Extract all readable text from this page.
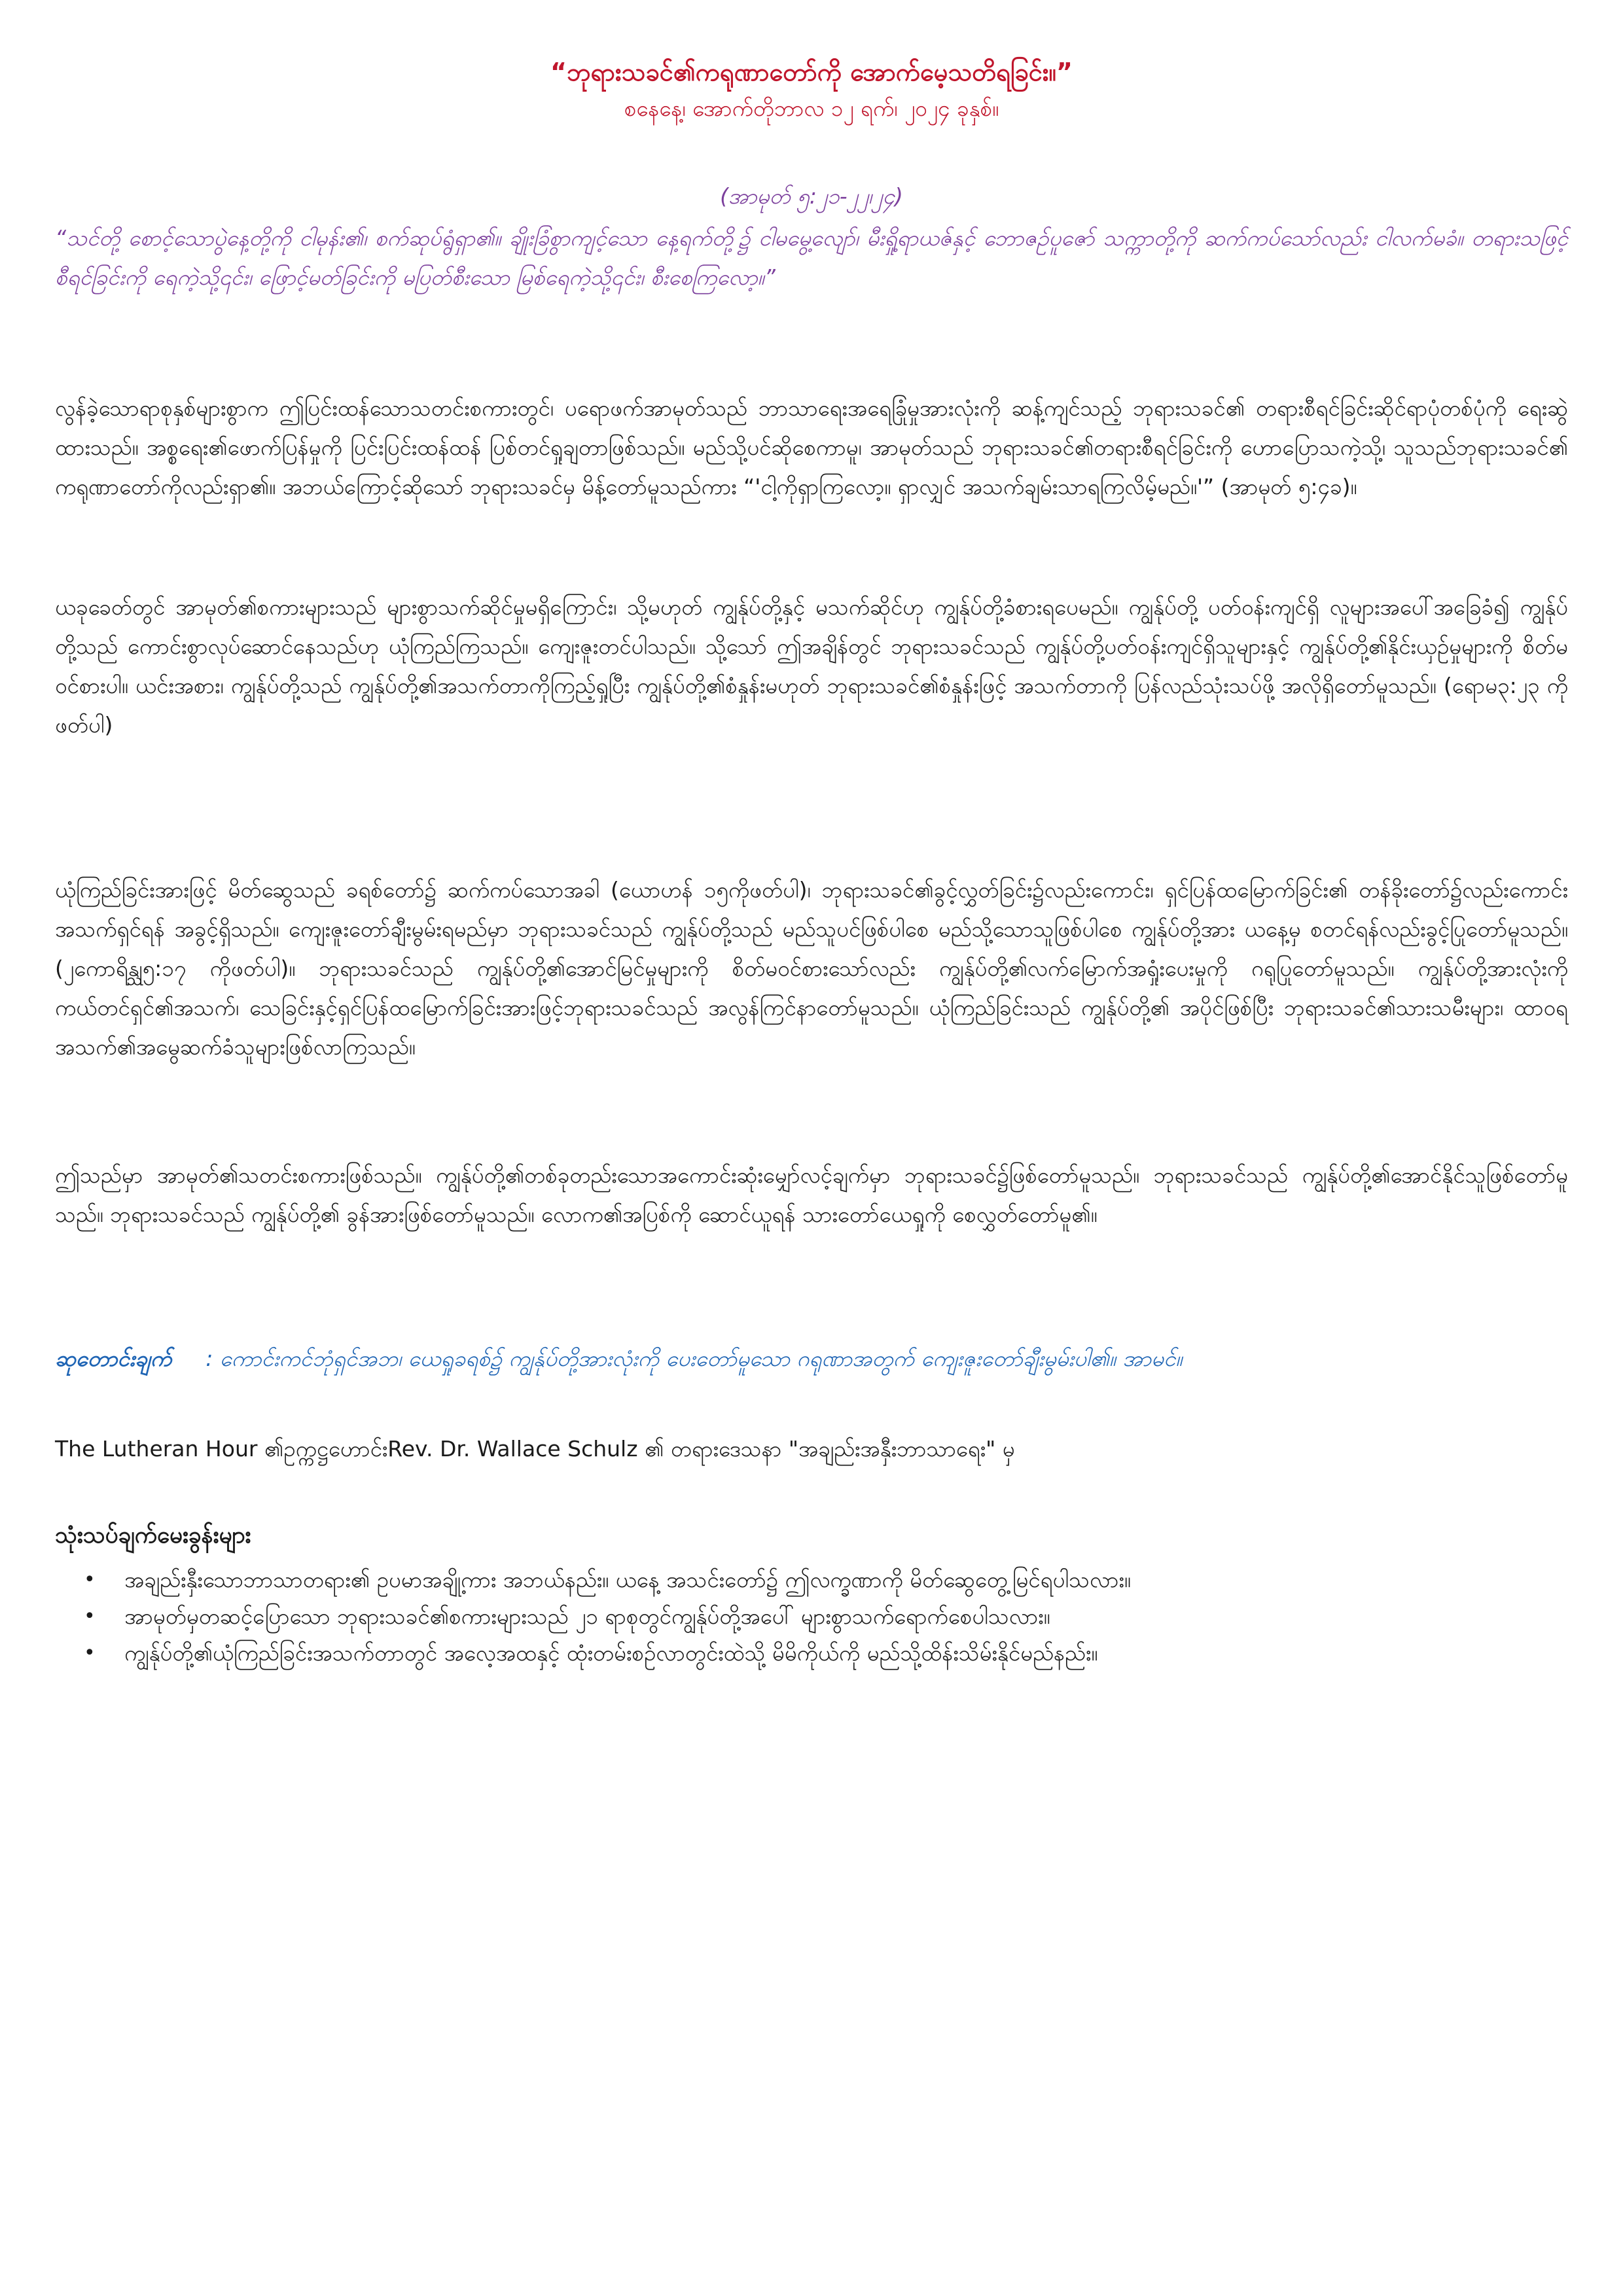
“ဘုရားသခင်၏ကရုဏာတော်ကို အောက်မေ့သတိရခြင်း။”
စနေနေ့၊ အောက်တိုဘာလ ၁၂ ရက်၊ ၂၀၂၄ ခုနှစ်။
(အာမုတ် ၅:၂၁-၂၂၊၂၄)
“သင်တို့ စောင့်သောပွဲနေ့တို့ကို ငါမုန်း၏၊ စက်ဆုပ်ရွံရှာ၏။ ချိုးခြံစွာကျင့်သော နေ့ရက်တို့၌ ငါမမွေ့လျော်၊ မီးရှို့ရာယဇ်နှင့် ဘောဇဉ်ပူဇော် သက္ကာတို့ကို ဆက်ကပ်သော်လည်း ငါလက်မခံ။ တရားသဖြင့် စီရင်ခြင်းကို ရေကဲ့သို့၎င်း၊ ဖြောင့်မတ်ခြင်းကို မပြတ်စီးသော မြစ်ရေကဲ့သို့၎င်း၊ စီးစေကြလော့။”
လွန်ခဲ့သောရာစုနှစ်များစွာက ဤပြင်းထန်သောသတင်းစကားတွင်၊ ပရောဖက်အာမုတ်သည် ဘာသာရေးအရေခြုံမှုအားလုံးကို ဆန့်ကျင်သည့် ဘုရားသခင်၏ တရားစီရင်ခြင်းဆိုင်ရာပုံတစ်ပုံကို ရေးဆွဲထားသည်။ အစ္စရေး၏ဖောက်ပြန်မှုကို ပြင်းပြင်းထန်ထန် ပြစ်တင်ရှုချတာဖြစ်သည်။ မည်သို့ပင်ဆိုစေကာမူ၊ အာမုတ်သည် ဘုရားသခင်၏တရားစီရင်ခြင်းကို ဟောပြောသကဲ့သို့၊ သူသည်ဘုရားသခင်၏ ကရုဏာတော်ကိုလည်းရှာ၏။ အဘယ်ကြောင့်ဆိုသော် ဘုရားသခင်မှ မိန့်တော်မူသည်ကား “'ငါ့ကိုရှာကြလော့။ ရှာလျှင် အသက်ချမ်းသာရကြလိမ့်မည်။'” (အာမုတ် ၅:၄ခ)။
ယခုခေတ်တွင် အာမုတ်၏စကားများသည် များစွာသက်ဆိုင်မှုမရှိကြောင်း၊ သို့မဟုတ် ကျွန်ုပ်တို့နှင့် မသက်ဆိုင်ဟု ကျွန်ုပ်တို့ခံစားရပေမည်။ ကျွန်ုပ်တို့ ပတ်ဝန်းကျင်ရှိ လူများအပေါ်အခြေခံ၍ ကျွန်ုပ်တို့သည် ကောင်းစွာလုပ်ဆောင်နေသည်ဟု ယုံကြည်ကြသည်။ ကျေးဇူးတင်ပါသည်။ သို့သော် ဤအချိန်တွင် ဘုရားသခင်သည် ကျွန်ုပ်တို့ပတ်ဝန်းကျင်ရှိသူများနှင့် ကျွန်ုပ်တို့၏နိုင်းယှဉ်မှုများကို စိတ်မဝင်စားပါ။ ယင်းအစား၊ ကျွန်ုပ်တို့သည် ကျွန်ုပ်တို့၏အသက်တာကိုကြည့်ရှုပြီး ကျွန်ုပ်တို့၏စံနှုန်းမဟုတ် ဘုရားသခင်၏စံနှုန်းဖြင့် အသက်တာကို ပြန်လည်သုံးသပ်ဖို့ အလိုရှိတော်မူသည်။ (ရောမ၃:၂၃ ကိုဖတ်ပါ)
ယုံကြည်ခြင်းအားဖြင့် မိတ်ဆွေသည် ခရစ်တော်၌ ဆက်ကပ်သောအခါ (ယောဟန် ၁၅ကိုဖတ်ပါ)၊ ဘုရားသခင်၏ခွင့်လွှတ်ခြင်း၌လည်းကောင်း၊ ရှင်ပြန်ထမြောက်ခြင်း၏ တန်ခိုးတော်၌လည်းကောင်း အသက်ရှင်ရန် အခွင့်ရှိသည်။ ကျေးဇူးတော်ချီးမွမ်းရမည်မှာ ဘုရားသခင်သည် ကျွန်ုပ်တို့သည် မည်သူပင်ဖြစ်ပါစေ မည်သို့သောသူဖြစ်ပါစေ ကျွန်ုပ်တို့အား ယနေ့မှ စတင်ရန်လည်းခွင့်ပြုတော်မူသည်။ (၂ကောရိန္သု၅:၁၇ ကိုဖတ်ပါ)။ ဘုရားသခင်သည် ကျွန်ုပ်တို့၏အောင်မြင်မှုများကို စိတ်မဝင်စားသော်လည်း ကျွန်ုပ်တို့၏လက်မြောက်အရှုံးပေးမှုကို ဂရုပြုတော်မူသည်။ ကျွန်ုပ်တို့အားလုံးကို ကယ်တင်ရှင်၏အသက်၊ သေခြင်းနှင့်ရှင်ပြန်ထမြောက်ခြင်းအားဖြင့်ဘုရားသခင်သည် အလွန်ကြင်နာတော်မူသည်။ ယုံကြည်ခြင်းသည် ကျွန်ုပ်တို့၏ အပိုင်ဖြစ်ပြီး ဘုရားသခင်၏သားသမီးများ၊ ထာဝရအသက်၏အမွေဆက်ခံသူများဖြစ်လာကြသည်။
ဤသည်မှာ အာမုတ်၏သတင်းစကားဖြစ်သည်။ ကျွန်ုပ်တို့၏တစ်ခုတည်းသောအကောင်းဆုံးမျှော်လင့်ချက်မှာ ဘုရားသခင်၌ဖြစ်တော်မူသည်။ ဘုရားသခင်သည် ကျွန်ုပ်တို့၏အောင်နိုင်သူဖြစ်တော်မူသည်။ ဘုရားသခင်သည် ကျွန်ုပ်တို့၏ ခွန်အားဖြစ်တော်မူသည်။ လောက၏အပြစ်ကို ဆောင်ယူရန် သားတော်ယေရှုကို စေလွှတ်တော်မူ၏။
ဆုတောင်းချက် : ကောင်းကင်ဘုံရှင်အဘ၊ ယေရှုခရစ်၌ ကျွန်ုပ်တို့အားလုံးကို ပေးတော်မူသော ဂရုဏာအတွက် ကျေးဇူးတော်ချီးမွမ်းပါ၏။ အာမင်။
The Lutheran Hour ၏ဥက္ကဋ္ဌဟောင်းRev. Dr. Wallace Schulz ၏ တရားဒေသနာ "အချည်းအနှီးဘာသာရေး" မှ
သုံးသပ်ချက်မေးခွန်းများ
• အချည်းနှီးသောဘာသာတရား၏ ဥပမာအချို့ကား အဘယ်နည်း။ ယနေ့ အသင်းတော်၌ ဤလက္ခဏာကို မိတ်ဆွေတွေ့မြင်ရပါသလား။
• အာမုတ်မှတဆင့်ပြောသော ဘုရားသခင်၏စကားများသည် ၂၁ ရာစုတွင်ကျွန်ုပ်တို့အပေါ် များစွာသက်ရောက်စေပါသလား။
• ကျွန်ုပ်တို့၏ယုံကြည်ခြင်းအသက်တာတွင် အလေ့အထနှင့် ထုံးတမ်းစဉ်လာတွင်းထဲသို့ မိမိကိုယ်ကို မည်သို့ထိန်းသိမ်းနိုင်မည်နည်း။
